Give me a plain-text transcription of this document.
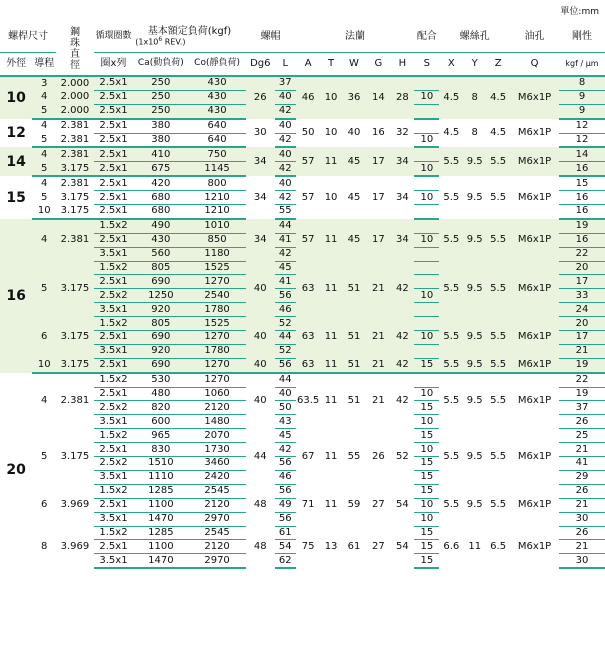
單位:mm
螺桿尺寸		鋼珠直徑	循環圈數	基本額定負荷(kgf)
($1x10^6$ REV.)		螺帽		法蘭					配合	螺絲孔			油孔	剛性
外徑	導程		圈x列	Ca(動負荷)	Co(靜負荷)	Dg6	L	A	T	W	G	H	S	X	Y	Z	Q	kgf / μm
10	3	2.000	2.5x1	250	430	26	37	46	10	36	14	28		4.5	8	4.5	M6x1P	8
	4	2.000	2.5x1	250	430		40						10					9
	5	2.000	2.5x1	250	430		42											9
12	4	2.381	2.5x1	380	640	30	40	50	10	40	16	32		4.5	8	4.5	M6x1P	12
	5	2.381	2.5x1	380	640		42						10					12
14	4	2.381	2.5x1	410	750	34	40	57	11	45	17	34		5.5	9.5	5.5	M6x1P	14
	5	3.175	2.5x1	675	1145		42						10					16
15	4	2.381	2.5x1	420	800	34	40	57	10	45	17	34		5.5	9.5	5.5	M6x1P	15
	5	3.175	2.5x1	680	1210		42						10					16
	10	3.175	2.5x1	680	1210		55											16
16	4	2.381	1.5x2	490	1010	34	44	57	11	45	17	34		5.5	9.5	5.5	M6x1P	19
			2.5x1	430	850		41						10					16
			3.5x1	560	1180		42											22
	5	3.175	1.5x2	805	1525	40	45	63	11	51	21	42		5.5	9.5	5.5	M6x1P	20
			2.5x1	690	1270		41											17
			2.5x2	1250	2540		56						10					33
			3.5x1	920	1780		46											24
	6	3.175	1.5x2	805	1525	40	52	63	11	51	21	42		5.5	9.5	5.5	M6x1P	20
			2.5x1	690	1270		44						10					17
			3.5x1	920	1780		52											21
	10	3.175	2.5x1	690	1270	40	56	63	11	51	21	42	15	5.5	9.5	5.5	M6x1P	19
20	4	2.381	1.5x2	530	1270	40	44	63.5	11	51	21	42		5.5	9.5	5.5	M6x1P	22
			2.5x1	480	1060		40						10					19
			2.5x2	820	2120		50						15					37
			3.5x1	600	1480		43						10					26
	5	3.175	1.5x2	965	2070	44	45	67	11	55	26	52	15	5.5	9.5	5.5	M6x1P	25
			2.5x1	830	1730		42						10					21
			2.5x2	1510	3460		56						15					41
			3.5x1	1110	2420		46						15					29
	6	3.969	1.5x2	1285	2545	48	56	71	11	59	27	54	15	5.5	9.5	5.5	M6x1P	26
			2.5x1	1100	2120		49						10					21
			3.5x1	1470	2970		56						10					30
	8	3.969	1.5x2	1285	2545	48	61	75	13	61	27	54	15	6.6	11	6.5	M6x1P	26
			2.5x1	1100	2120		54						15					21
			3.5x1	1470	2970		62						15					30
